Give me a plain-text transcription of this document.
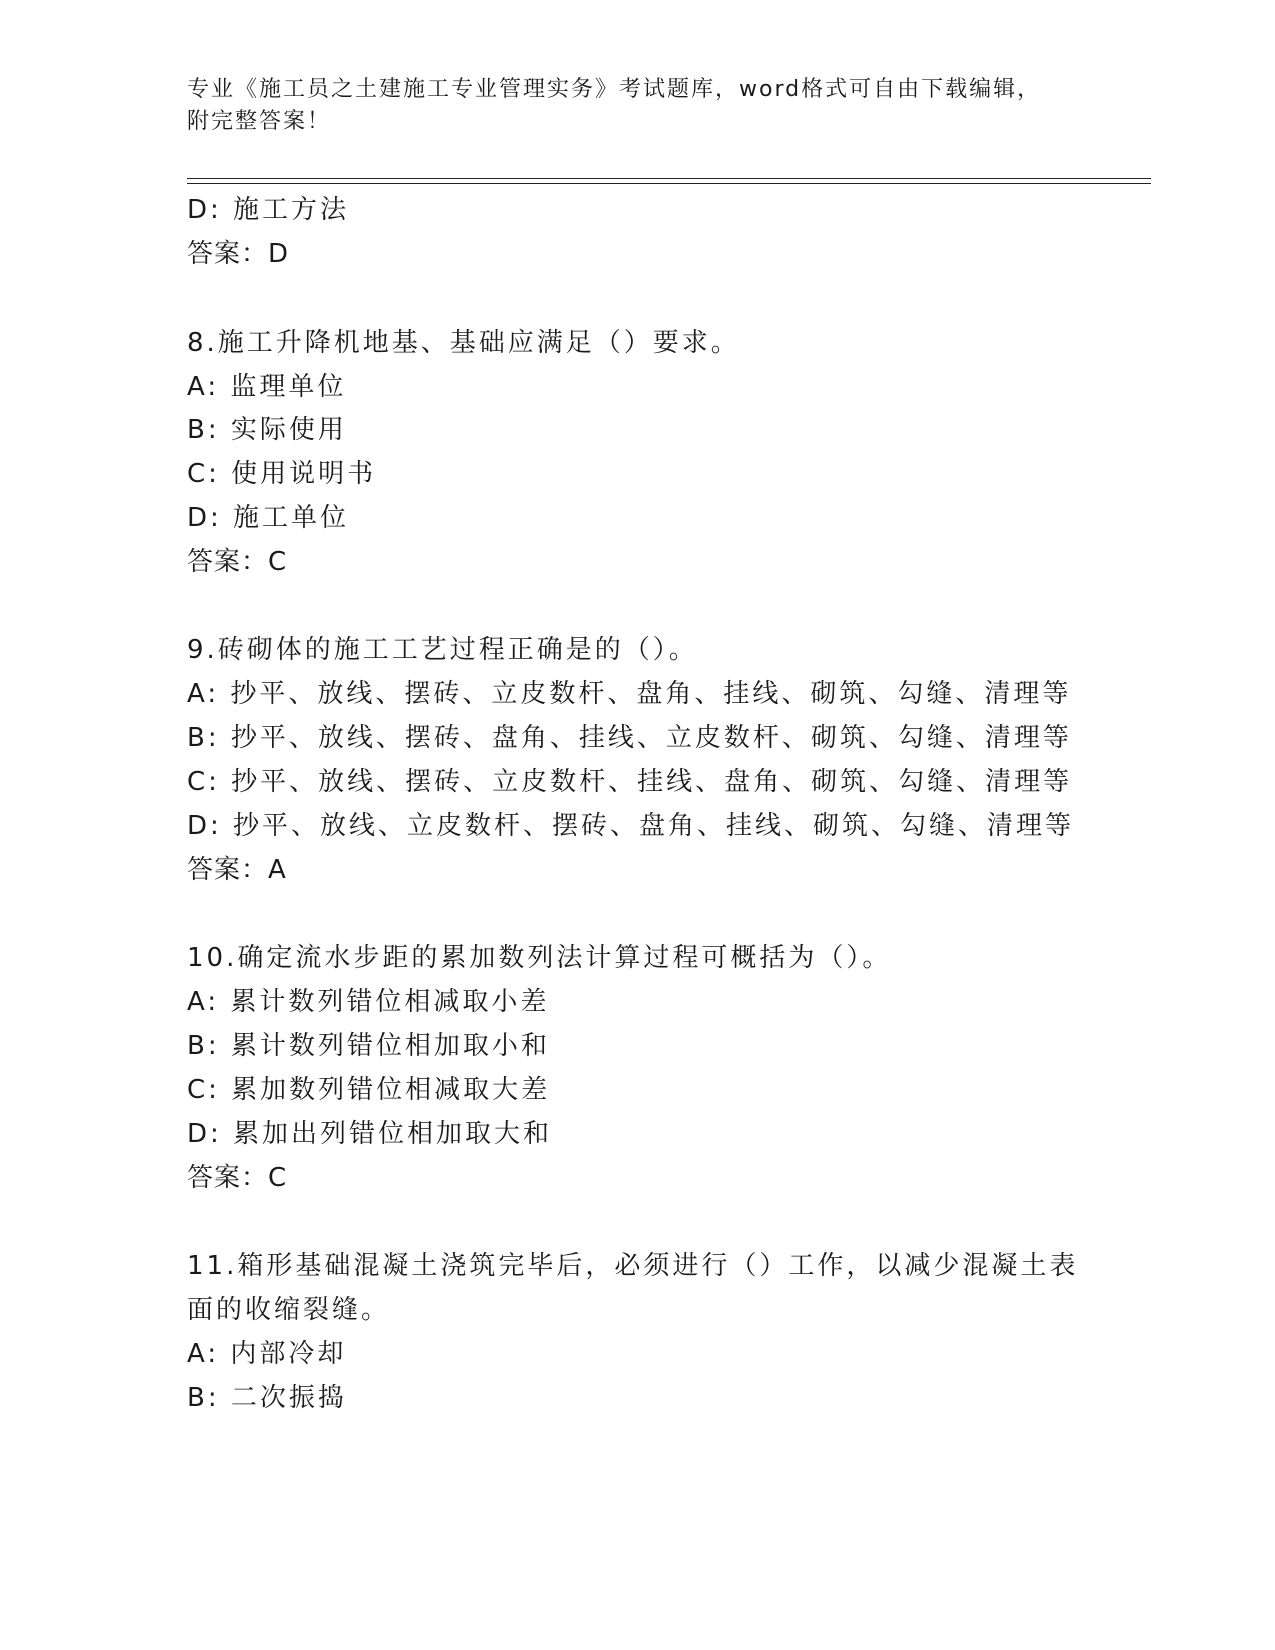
专业《施工员之土建施工专业管理实务》考试题库，word格式可自由下载编辑，
附完整答案！
D: 施工方法
答案：D
8.施工升降机地基、基础应满足（）要求。
A: 监理单位
B: 实际使用
C: 使用说明书
D: 施工单位
答案：C
9.砖砌体的施工工艺过程正确是的（）。
A: 抄平、放线、摆砖、立皮数杆、盘角、挂线、砌筑、勾缝、清理等
B: 抄平、放线、摆砖、盘角、挂线、立皮数杆、砌筑、勾缝、清理等
C: 抄平、放线、摆砖、立皮数杆、挂线、盘角、砌筑、勾缝、清理等
D: 抄平、放线、立皮数杆、摆砖、盘角、挂线、砌筑、勾缝、清理等
答案：A
10.确定流水步距的累加数列法计算过程可概括为（）。
A: 累计数列错位相减取小差
B: 累计数列错位相加取小和
C: 累加数列错位相减取大差
D: 累加出列错位相加取大和
答案：C
11.箱形基础混凝土浇筑完毕后，必须进行（）工作，以减少混凝土表
面的收缩裂缝。
A: 内部冷却
B: 二次振捣
